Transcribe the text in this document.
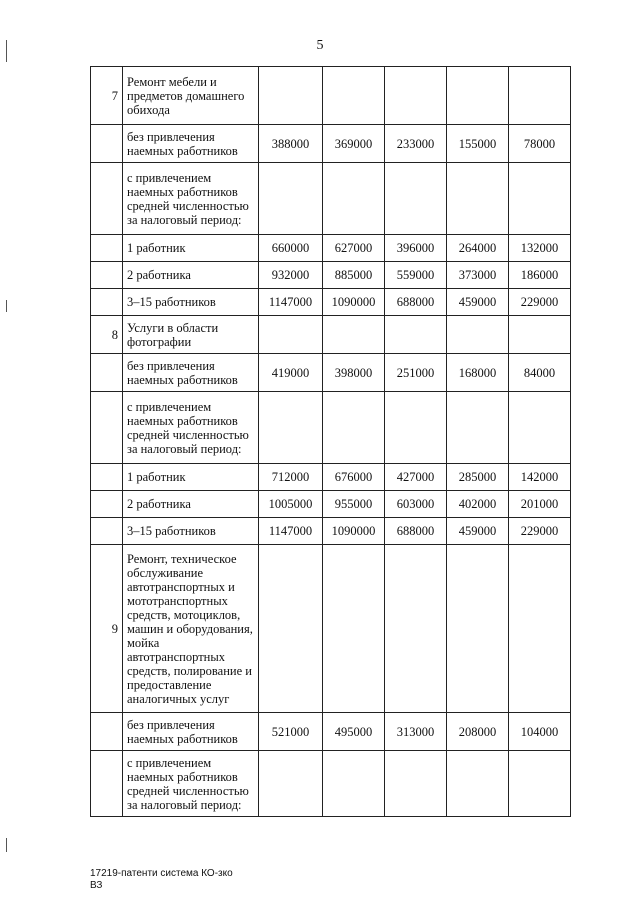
5
7	Ремонт мебели и предметов домашнего обихода					
	без привлечения наемных работников	388000	369000	233000	155000	78000
	с привлечением наемных работников средней численностью за налоговый период:					
	1 работник	660000	627000	396000	264000	132000
	2 работника	932000	885000	559000	373000	186000
	3–15 работников	1147000	1090000	688000	459000	229000
8	Услуги в области фотографии					
	без привлечения наемных работников	419000	398000	251000	168000	84000
	с привлечением наемных работников средней численностью за налоговый период:					
	1 работник	712000	676000	427000	285000	142000
	2 работника	1005000	955000	603000	402000	201000
	3–15 работников	1147000	1090000	688000	459000	229000
9	Ремонт, техническое обслуживание автотранспортных и мототранспортных средств, мотоциклов, машин и оборудования, мойка автотранспортных средств, полирование и предоставление аналогичных услуг					
	без привлечения наемных работников	521000	495000	313000	208000	104000
	с привлечением наемных работников средней численностью за налоговый период:					
17219-патенти система КО-зко
ВЗ
